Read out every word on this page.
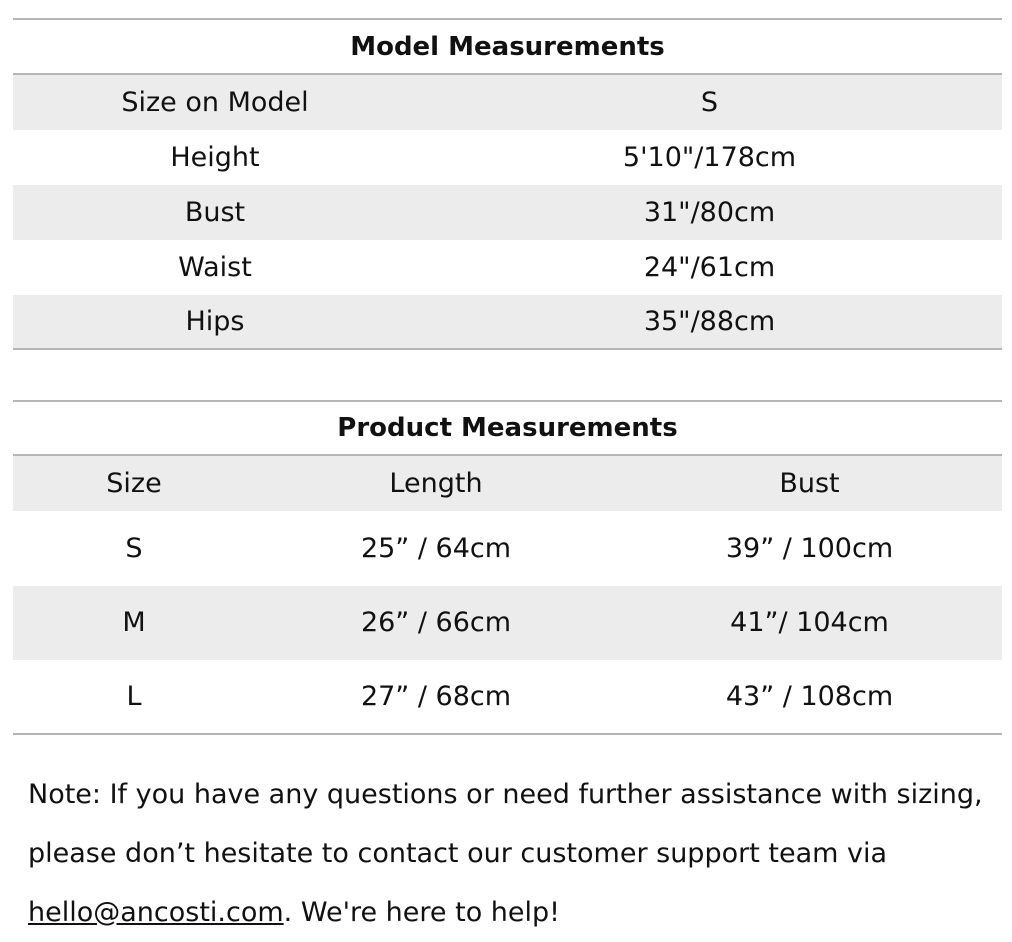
Model Measurements
Size on Model	S
Height	5'10"/178cm
Bust	31"/80cm
Waist	24"/61cm
Hips	35"/88cm
Product Measurements
Size	Length	Bust
S	25” / 64cm	39” / 100cm
M	26” / 66cm	41”/ 104cm
L	27” / 68cm	43” / 108cm
Note: If you have any questions or need further assistance with sizing, please don’t hesitate to contact our customer support team via hello@ancosti.com. We're here to help!
